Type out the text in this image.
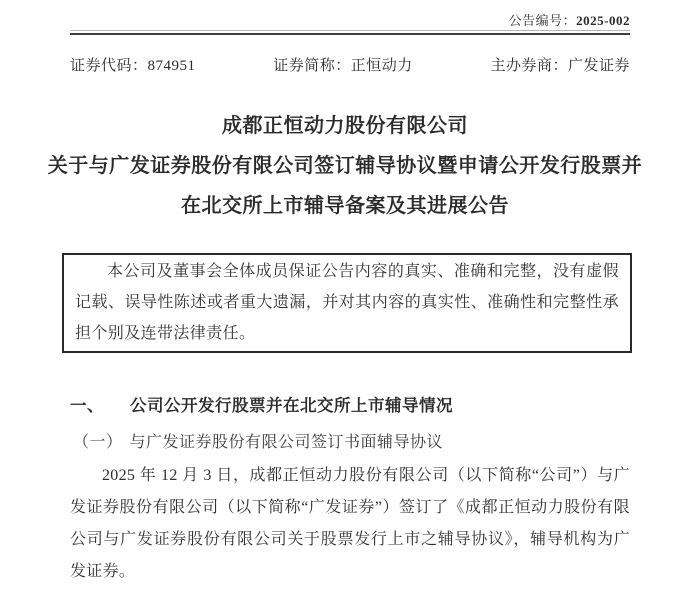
公告编号：2025-002
证券代码：874951	证券简称：正恒动力	主办券商：广发证券
成都正恒动力股份有限公司
关于与广发证券股份有限公司签订辅导协议暨申请公开发行股票并
在北交所上市辅导备案及其进展公告
本公司及董事会全体成员保证公告内容的真实、准确和完整，没有虚假记载、误导性陈述或者重大遗漏，并对其内容的真实性、准确性和完整性承担个别及连带法律责任。
一、 公司公开发行股票并在北交所上市辅导情况
（一） 与广发证券股份有限公司签订书面辅导协议
2025 年 12 月 3 日，成都正恒动力股份有限公司（以下简称“公司”）与广发证券股份有限公司（以下简称“广发证券”）签订了《成都正恒动力股份有限公司与广发证券股份有限公司关于股票发行上市之辅导协议》，辅导机构为广发证券。
